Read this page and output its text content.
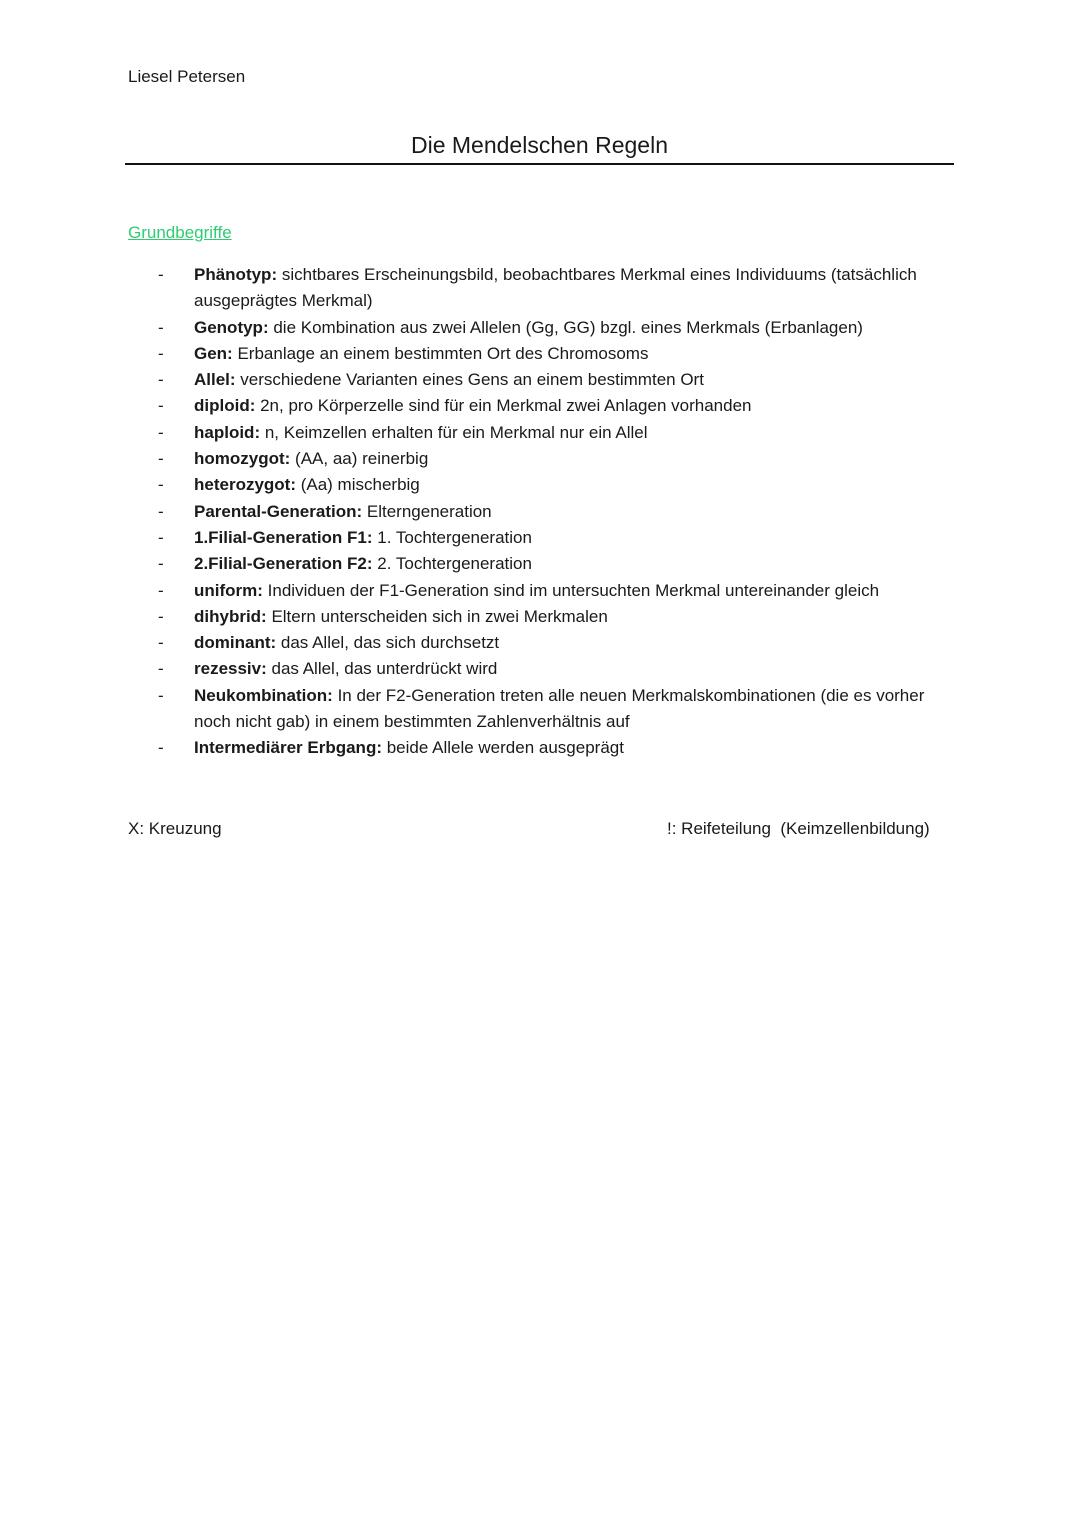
Liesel Petersen
Die Mendelschen Regeln
Grundbegriffe
- Phänotyp: sichtbares Erscheinungsbild, beobachtbares Merkmal eines Individuums (tatsächlich ausgeprägtes Merkmal)
- Genotyp: die Kombination aus zwei Allelen (Gg, GG) bzgl. eines Merkmals (Erbanlagen)
- Gen: Erbanlage an einem bestimmten Ort des Chromosoms
- Allel: verschiedene Varianten eines Gens an einem bestimmten Ort
- diploid: 2n, pro Körperzelle sind für ein Merkmal zwei Anlagen vorhanden
- haploid: n, Keimzellen erhalten für ein Merkmal nur ein Allel
- homozygot: (AA, aa) reinerbig
- heterozygot: (Aa) mischerbig
- Parental-Generation: Elterngeneration
- 1.Filial-Generation F1: 1. Tochtergeneration
- 2.Filial-Generation F2: 2. Tochtergeneration
- uniform: Individuen der F1-Generation sind im untersuchten Merkmal untereinander gleich
- dihybrid: Eltern unterscheiden sich in zwei Merkmalen
- dominant: das Allel, das sich durchsetzt
- rezessiv: das Allel, das unterdrückt wird
- Neukombination: In der F2-Generation treten alle neuen Merkmalskombinationen (die es vorher noch nicht gab) in einem bestimmten Zahlenverhältnis auf
- Intermediärer Erbgang: beide Allele werden ausgeprägt
X: Kreuzung	!: Reifeteilung  (Keimzellenbildung)
